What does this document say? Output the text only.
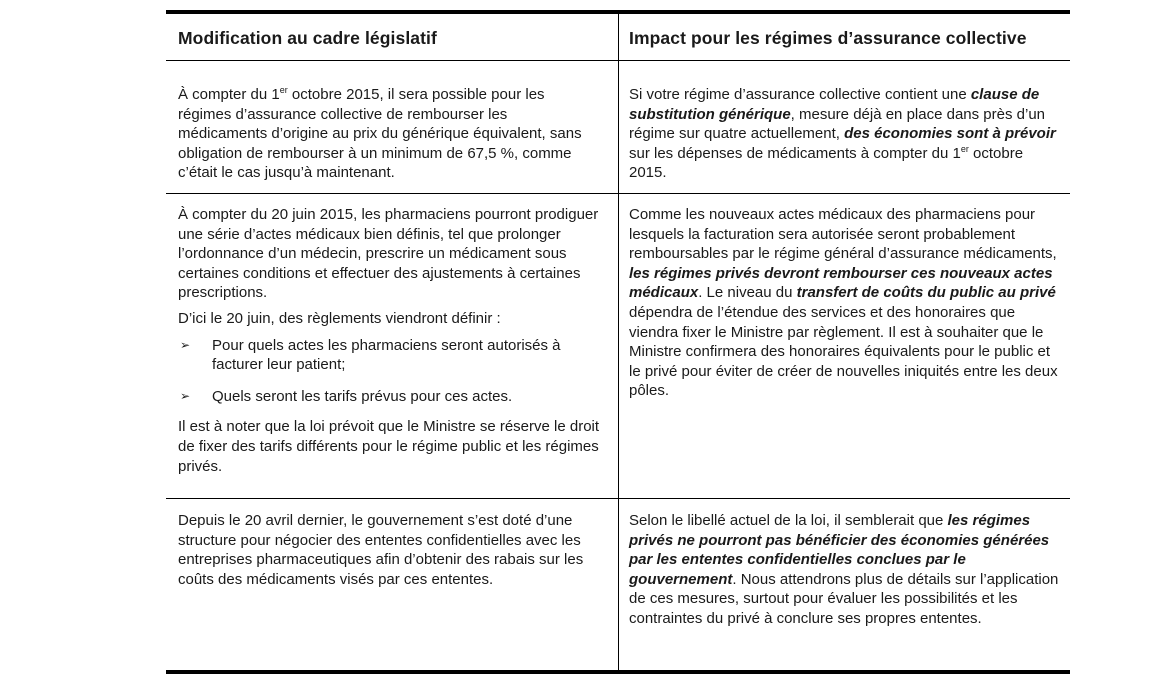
Modification au cadre législatif	Impact pour les régimes d’assurance collective

À compter du 1er octobre 2015, il sera possible pour les régimes d’assurance collective de rembourser les médicaments d’origine au prix du générique équivalent, sans obligation de rembourser à un minimum de 67,5 %, comme c’était le cas jusqu’à maintenant.

Si votre régime d’assurance collective contient une clause de substitution générique, mesure déjà en place dans près d’un régime sur quatre actuellement, des économies sont à prévoir sur les dépenses de médicaments à compter du 1er octobre 2015.

À compter du 20 juin 2015, les pharmaciens pourront prodiguer une série d’actes médicaux bien définis, tel que prolonger l’ordonnance d’un médecin, prescrire un médicament sous certaines conditions et effectuer des ajustements à certaines prescriptions.

D’ici le 20 juin, des règlements viendront définir :

➢ Pour quels actes les pharmaciens seront autorisés à facturer leur patient;
➢ Quels seront les tarifs prévus pour ces actes.

Il est à noter que la loi prévoit que le Ministre se réserve le droit de fixer des tarifs différents pour le régime public et les régimes privés.

Comme les nouveaux actes médicaux des pharmaciens pour lesquels la facturation sera autorisée seront probablement remboursables par le régime général d’assurance médicaments, les régimes privés devront rembourser ces nouveaux actes médicaux. Le niveau du transfert de coûts du public au privé dépendra de l’étendue des services et des honoraires que viendra fixer le Ministre par règlement. Il est à souhaiter que le Ministre confirmera des honoraires équivalents pour le public et le privé pour éviter de créer de nouvelles iniquités entre les deux pôles.

Depuis le 20 avril dernier, le gouvernement s’est doté d’une structure pour négocier des ententes confidentielles avec les entreprises pharmaceutiques afin d’obtenir des rabais sur les coûts des médicaments visés par ces ententes.

Selon le libellé actuel de la loi, il semblerait que les régimes privés ne pourront pas bénéficier des économies générées par les ententes confidentielles conclues par le gouvernement. Nous attendrons plus de détails sur l’application de ces mesures, surtout pour évaluer les possibilités et les contraintes du privé à conclure ses propres ententes.
